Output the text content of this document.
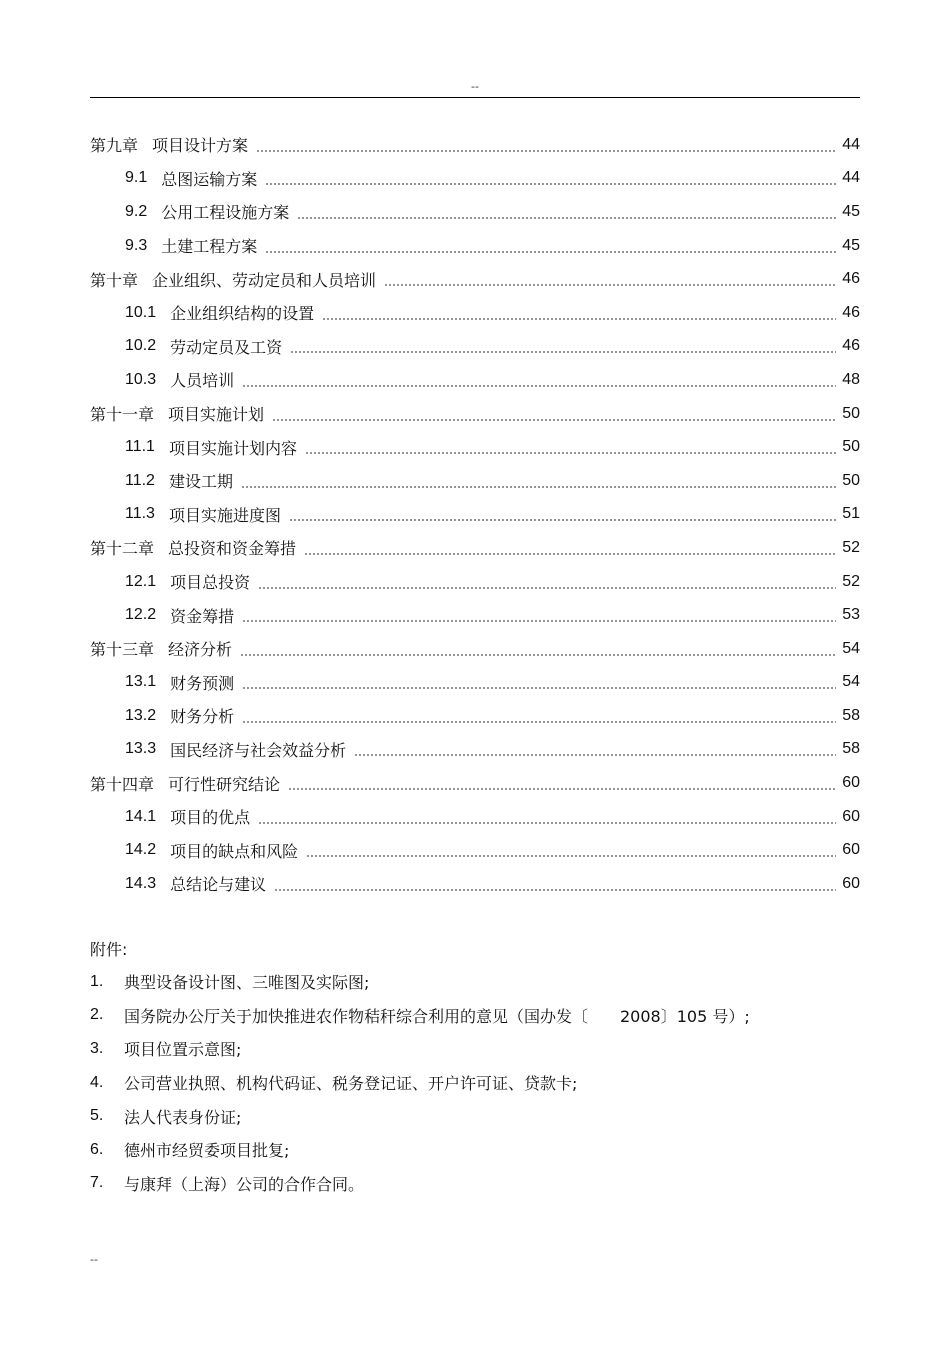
--
第九章 项目设计方案	44
9.1 总图运输方案	44
9.2 公用工程设施方案	45
9.3 土建工程方案	45
第十章 企业组织、劳动定员和人员培训	46
10.1 企业组织结构的设置	46
10.2 劳动定员及工资	46
10.3 人员培训	48
第十一章 项目实施计划	50
11.1 项目实施计划内容	50
11.2 建设工期	50
11.3 项目实施进度图	51
第十二章 总投资和资金筹措	52
12.1 项目总投资	52
12.2 资金筹措	53
第十三章 经济分析	54
13.1 财务预测	54
13.2 财务分析	58
13.3 国民经济与社会效益分析	58
第十四章 可行性研究结论	60
14.1 项目的优点	60
14.2 项目的缺点和风险	60
14.3 总结论与建议	60
附件:
1.	典型设备设计图、三唯图及实际图;
2.	国务院办公厅关于加快推进农作物秸秆综合利用的意见（国办发〔　　2008〕105 号）;
3.	项目位置示意图;
4.	公司营业执照、机构代码证、税务登记证、开户许可证、贷款卡;
5.	法人代表身份证;
6.	德州市经贸委项目批复;
7.	与康拜（上海）公司的合作合同。
--
